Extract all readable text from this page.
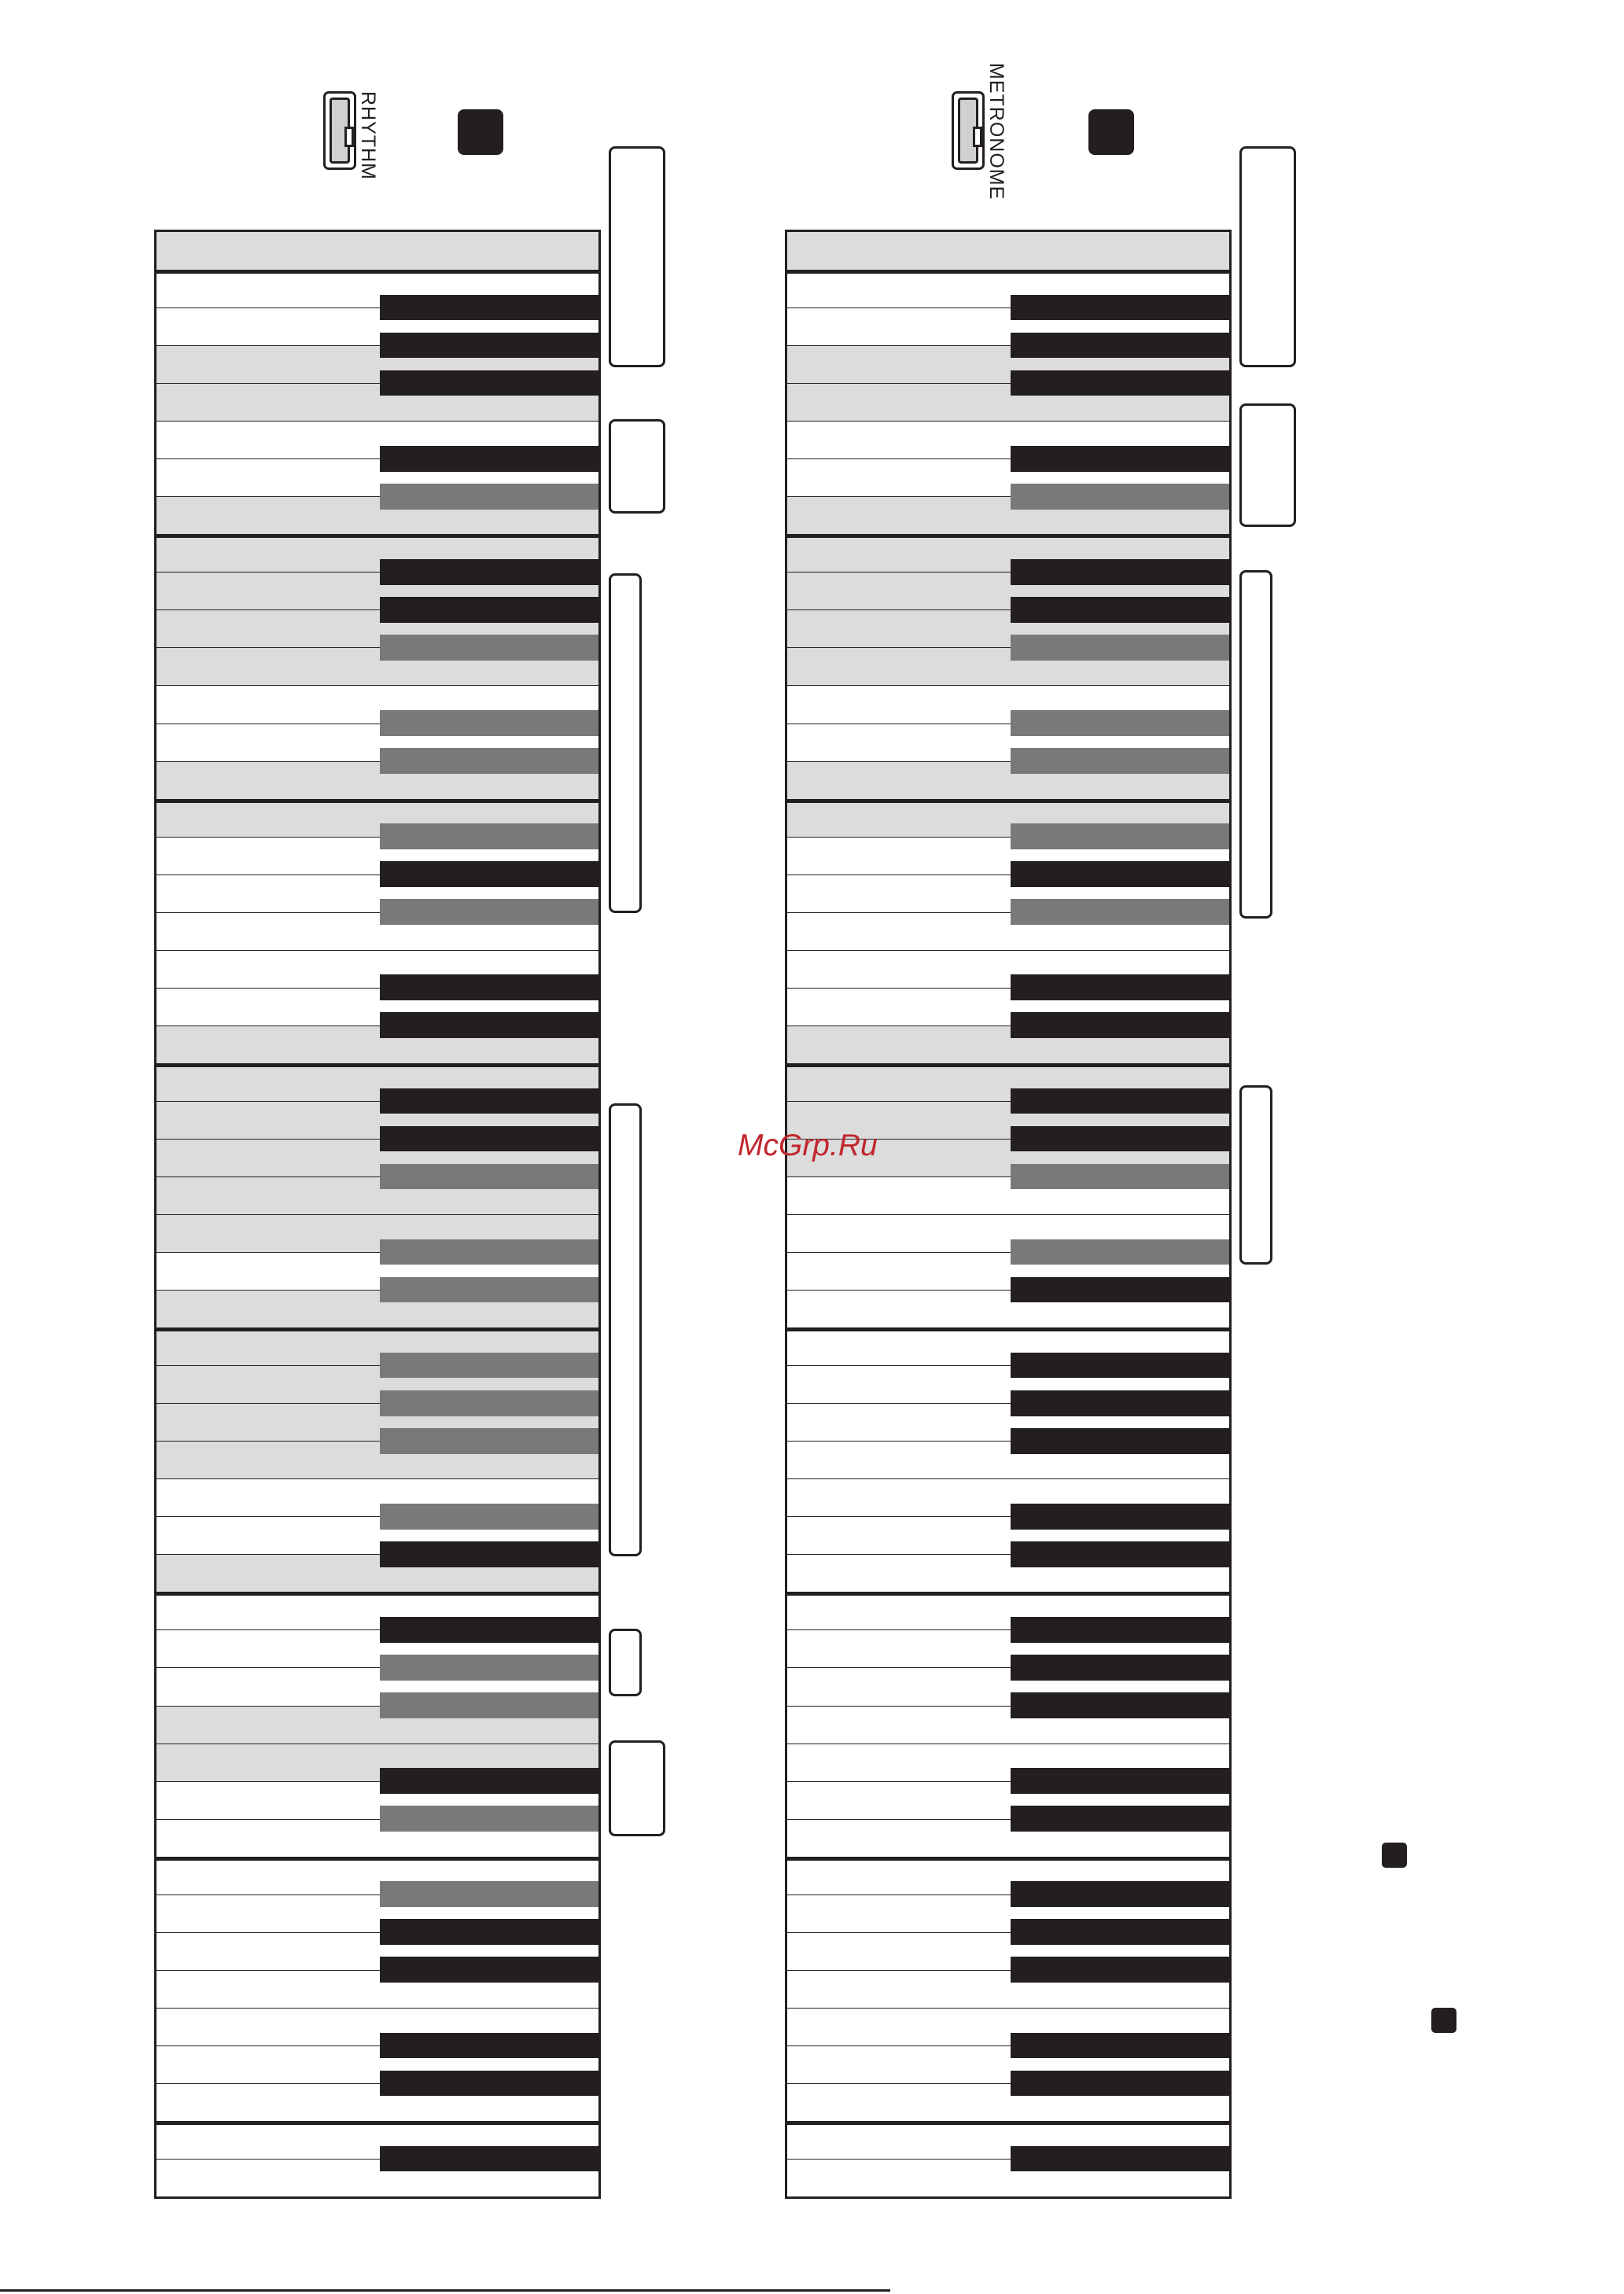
RHYTHM	METRONOME
McGrp.Ru
